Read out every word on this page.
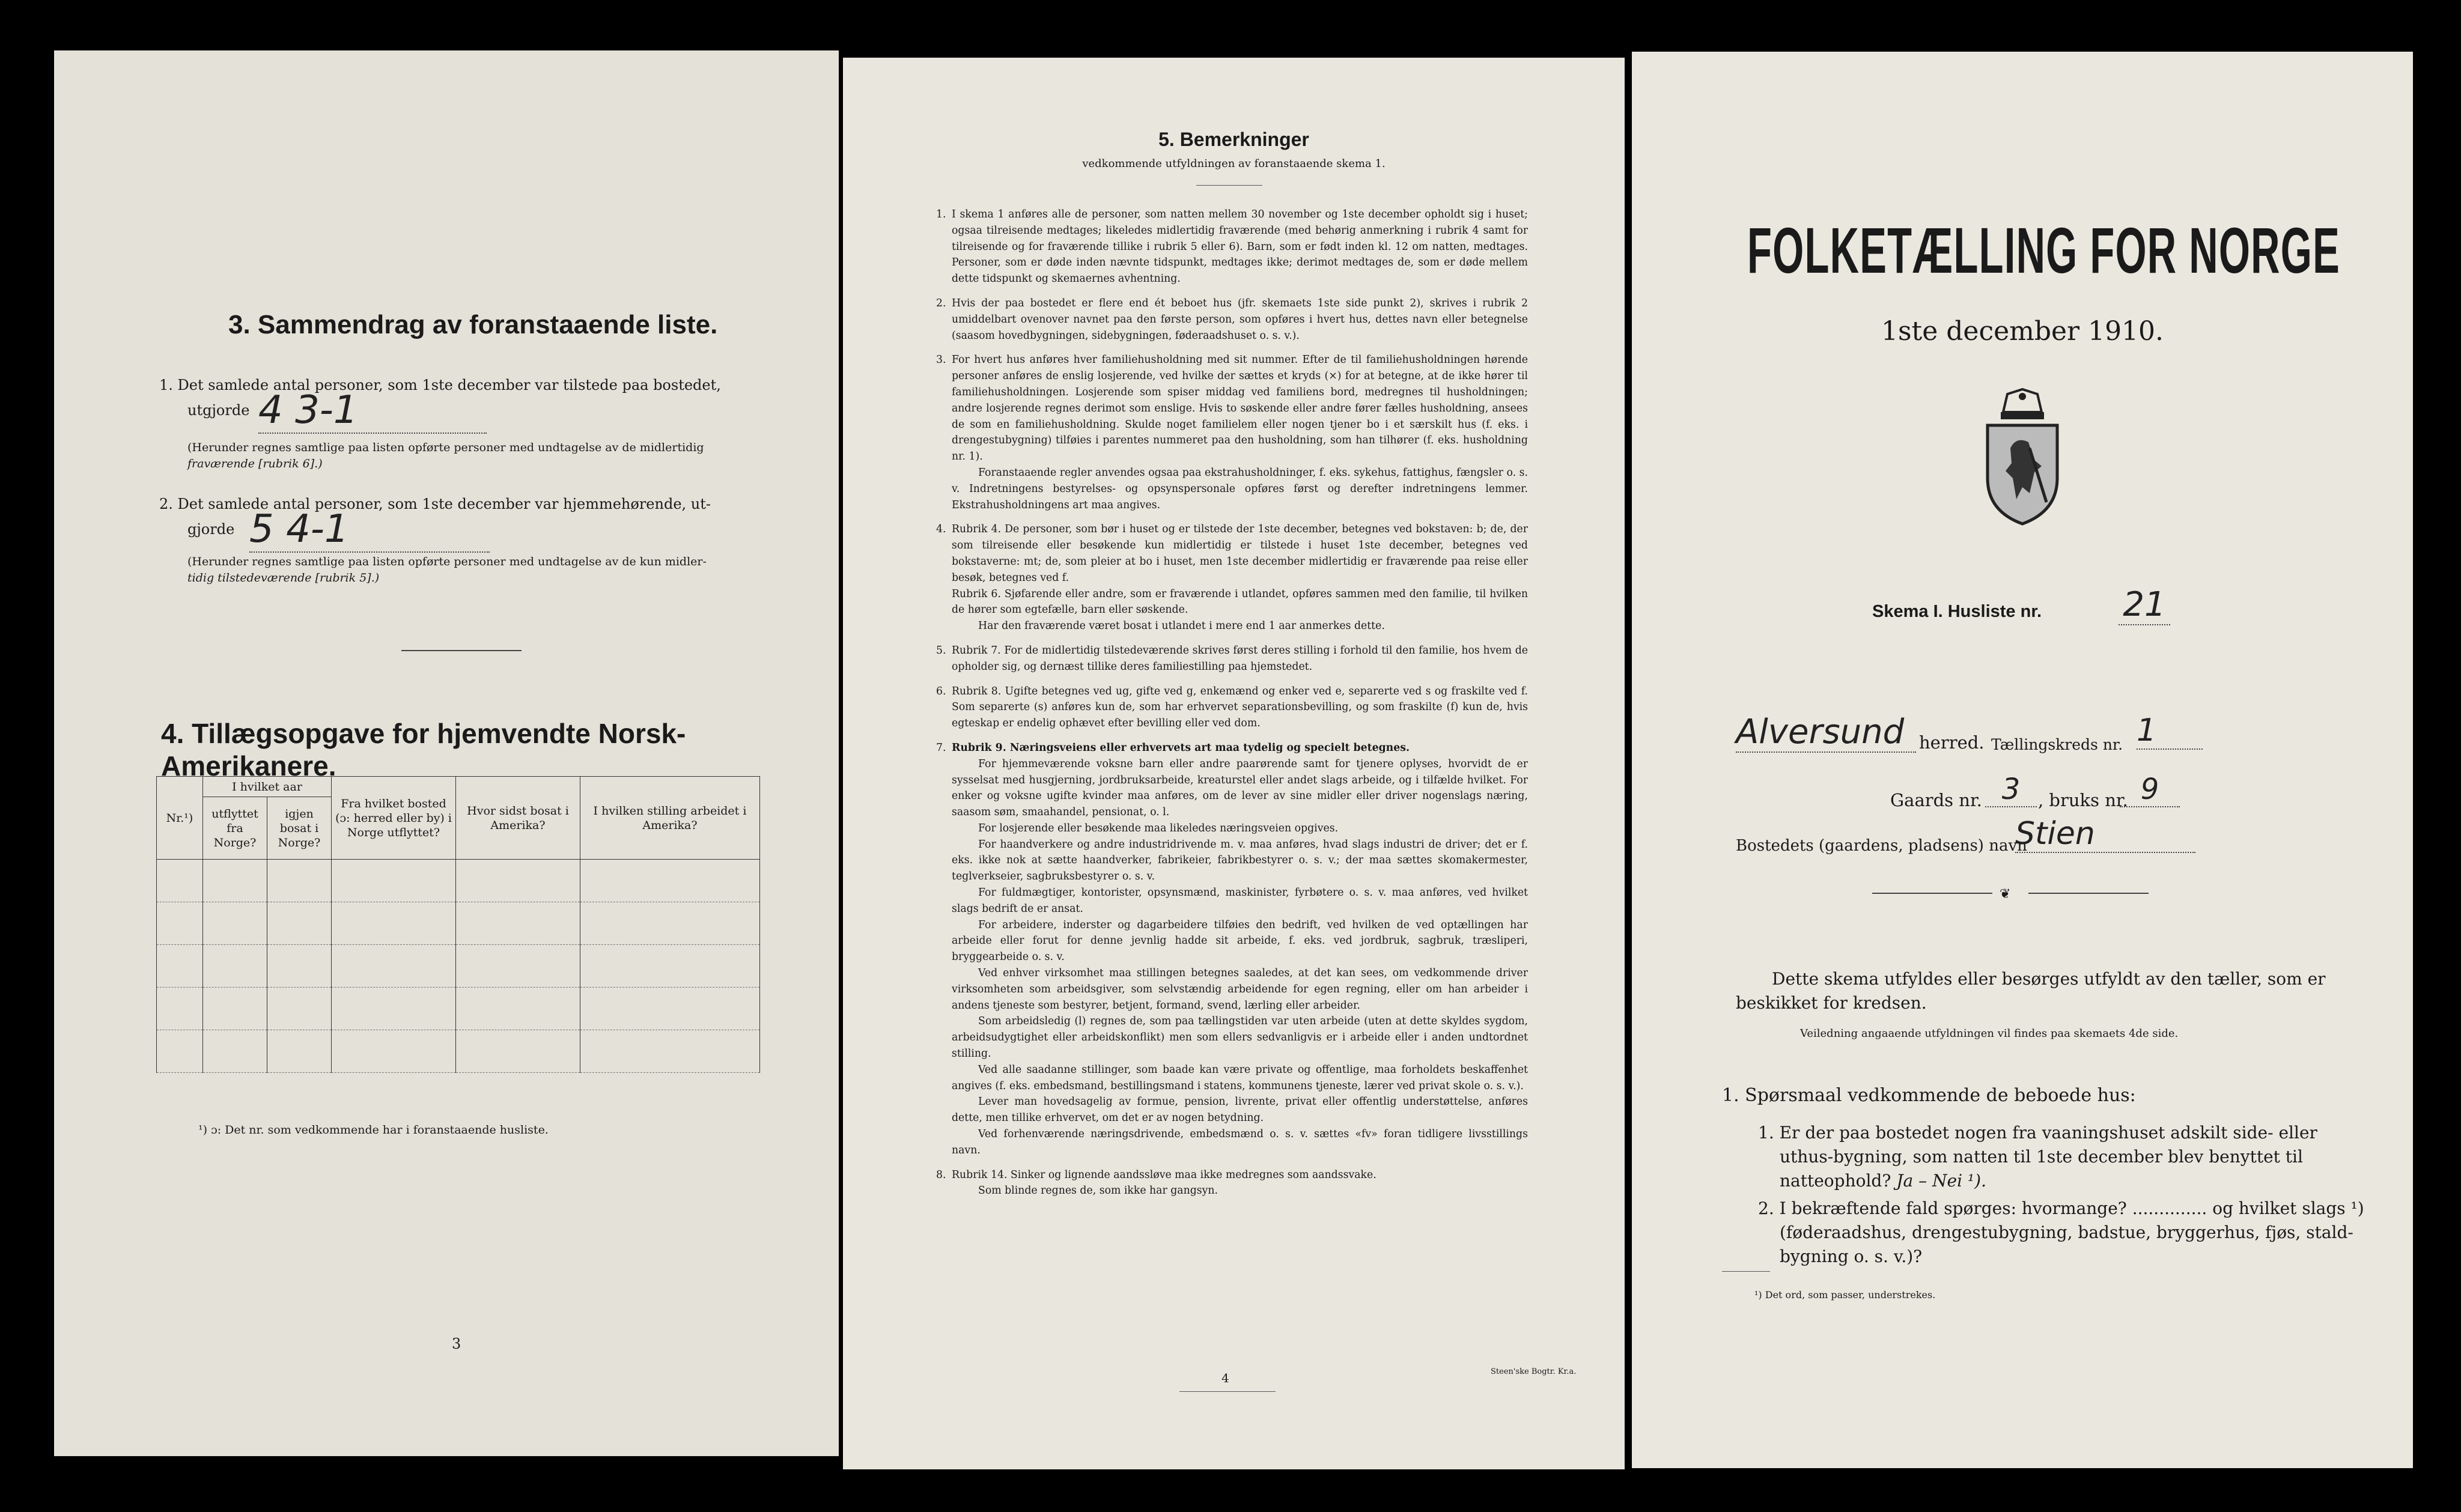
3. Sammendrag av foranstaaende liste.
1. Det samlede antal personer, som 1ste december var tilstede paa bostedet,
utgjorde 4 3-1
(Herunder regnes samtlige paa listen opførte personer med undtagelse av de midlertidig
fraværende [rubrik 6].)
2. Det samlede antal personer, som 1ste december var hjemmehørende, ut-
gjorde 5 4-1
(Herunder regnes samtlige paa listen opførte personer med undtagelse av de kun midler-
tidig tilstedeværende [rubrik 5].)
4. Tillægsopgave for hjemvendte Norsk-Amerikanere.
Nr.¹)	I hvilket aar		Fra hvilket bosted (ɔ: herred eller by) i Norge utflyttet?	Hvor sidst bosat i Amerika?	I hvilken stilling arbeidet i Amerika?
	utflyttet fra Norge?	igjen bosat i Norge?			

¹) ɔ: Det nr. som vedkommende har i foranstaaende husliste.
3
5. Bemerkninger
vedkommende utfyldningen av foranstaaende skema 1.
1. I skema 1 anføres alle de personer, som natten mellem 30 november og 1ste december opholdt sig i huset; ogsaa tilreisende medtages; likeledes midlertidig fraværende (med behørig anmerkning i rubrik 4 samt for tilreisende og for fraværende tillike i rubrik 5 eller 6). Barn, som er født inden kl. 12 om natten, medtages. Personer, som er døde inden nævnte tidspunkt, medtages ikke; derimot medtages de, som er døde mellem dette tidspunkt og skemaernes avhentning.
2. Hvis der paa bostedet er flere end ét beboet hus (jfr. skemaets 1ste side punkt 2), skrives i rubrik 2 umiddelbart ovenover navnet paa den første person, som opføres i hvert hus, dettes navn eller betegnelse (saasom hovedbygningen, sidebygningen, føderaadshuset o. s. v.).
3. For hvert hus anføres hver familiehusholdning med sit nummer. Efter de til familiehusholdningen hørende personer anføres de enslig losjerende, ved hvilke der sættes et kryds (×) for at betegne, at de ikke hører til familiehusholdningen. Losjerende som spiser middag ved familiens bord, medregnes til husholdningen; andre losjerende regnes derimot som enslige. Hvis to søskende eller andre fører fælles husholdning, ansees de som en familiehusholdning. Skulde noget familielem eller nogen tjener bo i et særskilt hus (f. eks. i drengestubygning) tilføies i parentes nummeret paa den husholdning, som han tilhører (f. eks. husholdning nr. 1).
Foranstaaende regler anvendes ogsaa paa ekstrahusholdninger, f. eks. sykehus, fattighus, fængsler o. s. v. Indretningens bestyrelses- og opsynspersonale opføres først og derefter indretningens lemmer. Ekstrahusholdningens art maa angives.
4. Rubrik 4. De personer, som bør i huset og er tilstede der 1ste december, betegnes ved bokstaven: b; de, der som tilreisende eller besøkende kun midlertidig er tilstede i huset 1ste december, betegnes ved bokstaverne: mt; de, som pleier at bo i huset, men 1ste december midlertidig er fraværende paa reise eller besøk, betegnes ved f.
Rubrik 6. Sjøfarende eller andre, som er fraværende i utlandet, opføres sammen med den familie, til hvilken de hører som egtefælle, barn eller søskende.
Har den fraværende været bosat i utlandet i mere end 1 aar anmerkes dette.
5. Rubrik 7. For de midlertidig tilstedeværende skrives først deres stilling i forhold til den familie, hos hvem de opholder sig, og dernæst tillike deres familiestilling paa hjemstedet.
6. Rubrik 8. Ugifte betegnes ved ug, gifte ved g, enkemænd og enker ved e, separerte ved s og fraskilte ved f. Som separerte (s) anføres kun de, som har erhvervet separationsbevilling, og som fraskilte (f) kun de, hvis egteskap er endelig ophævet efter bevilling eller ved dom.
7. Rubrik 9. Næringsveiens eller erhvervets art maa tydelig og specielt betegnes.
For hjemmeværende voksne barn eller andre paarørende samt for tjenere oplyses, hvorvidt de er sysselsat med husgjerning, jordbruksarbeide, kreaturstel eller andet slags arbeide, og i tilfælde hvilket. For enker og voksne ugifte kvinder maa anføres, om de lever av sine midler eller driver nogenslags næring, saasom søm, smaahandel, pensionat, o. l.
For losjerende eller besøkende maa likeledes næringsveien opgives.
For haandverkere og andre industridrivende m. v. maa anføres, hvad slags industri de driver; det er f. eks. ikke nok at sætte haandverker, fabrikeier, fabrikbestyrer o. s. v.; der maa sættes skomakermester, teglverkseier, sagbruksbestyrer o. s. v.
For fuldmægtiger, kontorister, opsynsmænd, maskinister, fyrbøtere o. s. v. maa anføres, ved hvilket slags bedrift de er ansat.
For arbeidere, inderster og dagarbeidere tilføies den bedrift, ved hvilken de ved optællingen har arbeide eller forut for denne jevnlig hadde sit arbeide, f. eks. ved jordbruk, sagbruk, træsliperi, bryggearbeide o. s. v.
Ved enhver virksomhet maa stillingen betegnes saaledes, at det kan sees, om vedkommende driver virksomheten som arbeidsgiver, som selvstændig arbeidende for egen regning, eller om han arbeider i andens tjeneste som bestyrer, betjent, formand, svend, lærling eller arbeider.
Som arbeidsledig (l) regnes de, som paa tællingstiden var uten arbeide (uten at dette skyldes sygdom, arbeidsudygtighet eller arbeidskonflikt) men som ellers sedvanligvis er i arbeide eller i anden undtordnet stilling.
Ved alle saadanne stillinger, som baade kan være private og offentlige, maa forholdets beskaffenhet angives (f. eks. embedsmand, bestillingsmand i statens, kommunens tjeneste, lærer ved privat skole o. s. v.).
Lever man hovedsagelig av formue, pension, livrente, privat eller offentlig understøttelse, anføres dette, men tillike erhvervet, om det er av nogen betydning.
Ved forhenværende næringsdrivende, embedsmænd o. s. v. sættes «fv» foran tidligere livsstillings navn.
8. Rubrik 14. Sinker og lignende aandssløve maa ikke medregnes som aandssvake.
Som blinde regnes de, som ikke har gangsyn.
4	Steen'ske Bogtr. Kr.a.
FOLKETÆLLING FOR NORGE
1ste december 1910.
Skema I. Husliste nr. 21
Alversund herred. Tællingskreds nr. 1
Gaards nr. 3	, bruks nr. 9
Bostedets (gaardens, pladsens) navn
Stien
❦
Dette skema utfyldes eller besørges utfyldt av den tæller, som er
beskikket for kredsen.
Veiledning angaaende utfyldningen vil findes paa skemaets 4de side.
1. Spørsmaal vedkommende de beboede hus:
1. Er der paa bostedet nogen fra vaaningshuset adskilt side- eller
uthus-bygning, som natten til 1ste december blev benyttet til
natteophold? Ja – Nei ¹).
2. I bekræftende fald spørges: hvormange? .............. og hvilket slags ¹)
(føderaadshus, drengestubygning, badstue, bryggerhus, fjøs, stald-
bygning o. s. v.)?
¹) Det ord, som passer, understrekes.
